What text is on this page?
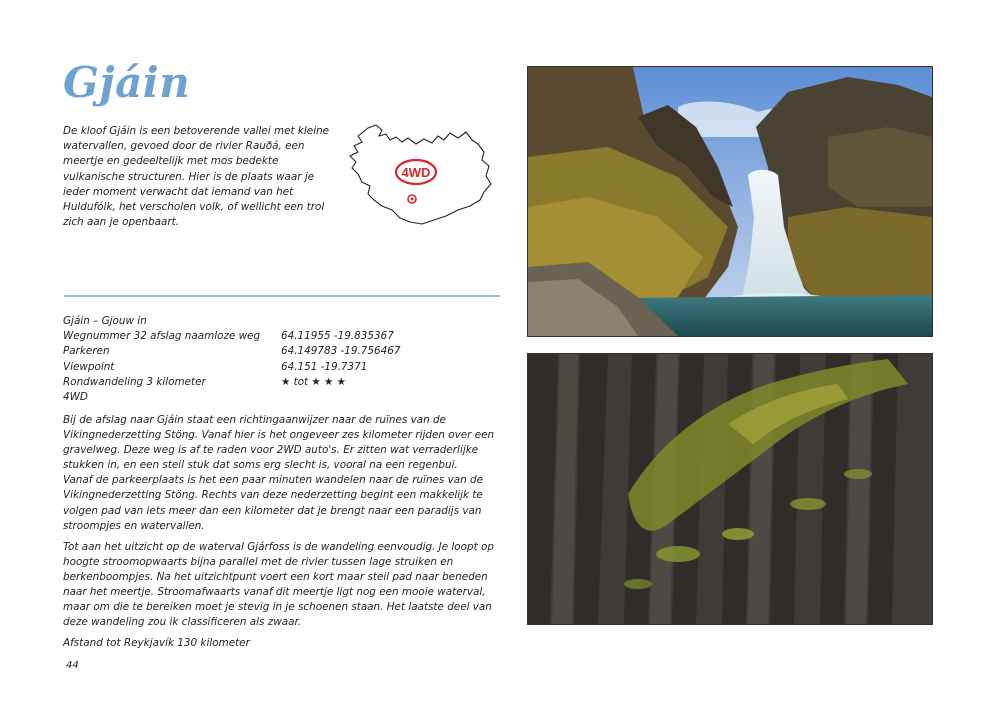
Gjáin

De kloof Gjáin is een betoverende vallei met kleine watervallen, gevoed door de rivier Rauðá, een meertje en gedeeltelijk met mos bedekte vulkanische structuren. Hier is de plaats waar je ieder moment verwacht dat iemand van het Huldufólk, het verscholen volk, of wellicht een trol zich aan je openbaart.

4WD
Gjáin – Gjouw in
Wegnummer 32 afslag naamloze weg	64.11955 -19.835367
Parkeren	64.149783 -19.756467
Viewpoint	64.151 -19.7371
Rondwandeling 3 kilometer	★ tot ★ ★ ★
4WD

Bij de afslag naar Gjáin staat een richtingaanwijzer naar de ruïnes van de Vikingnederzetting Stöng. Vanaf hier is het ongeveer zes kilometer rijden over een gravelweg. Deze weg is af te raden voor 2WD auto's. Er zitten wat verraderlijke stukken in, en een steil stuk dat soms erg slecht is, vooral na een regenbui.
Vanaf de parkeerplaats is het een paar minuten wandelen naar de ruïnes van de Vikingnederzetting Stöng. Rechts van deze nederzetting begint een makkelijk te volgen pad van iets meer dan een kilometer dat je brengt naar een paradijs van stroompjes en watervallen.

Tot aan het uitzicht op de waterval Gjárfoss is de wandeling eenvoudig. Je loopt op hoogte stroomopwaarts bijna parallel met de rivier tussen lage struiken en berkenboompjes. Na het uitzichtpunt voert een kort maar steil pad naar beneden naar het meertje. Stroomafwaarts vanaf dit meertje ligt nog een mooie waterval, maar om die te bereiken moet je stevig in je schoenen staan. Het laatste deel van deze wandeling zou ik classificeren als zwaar.

Afstand tot Reykjavík 130 kilometer

44
